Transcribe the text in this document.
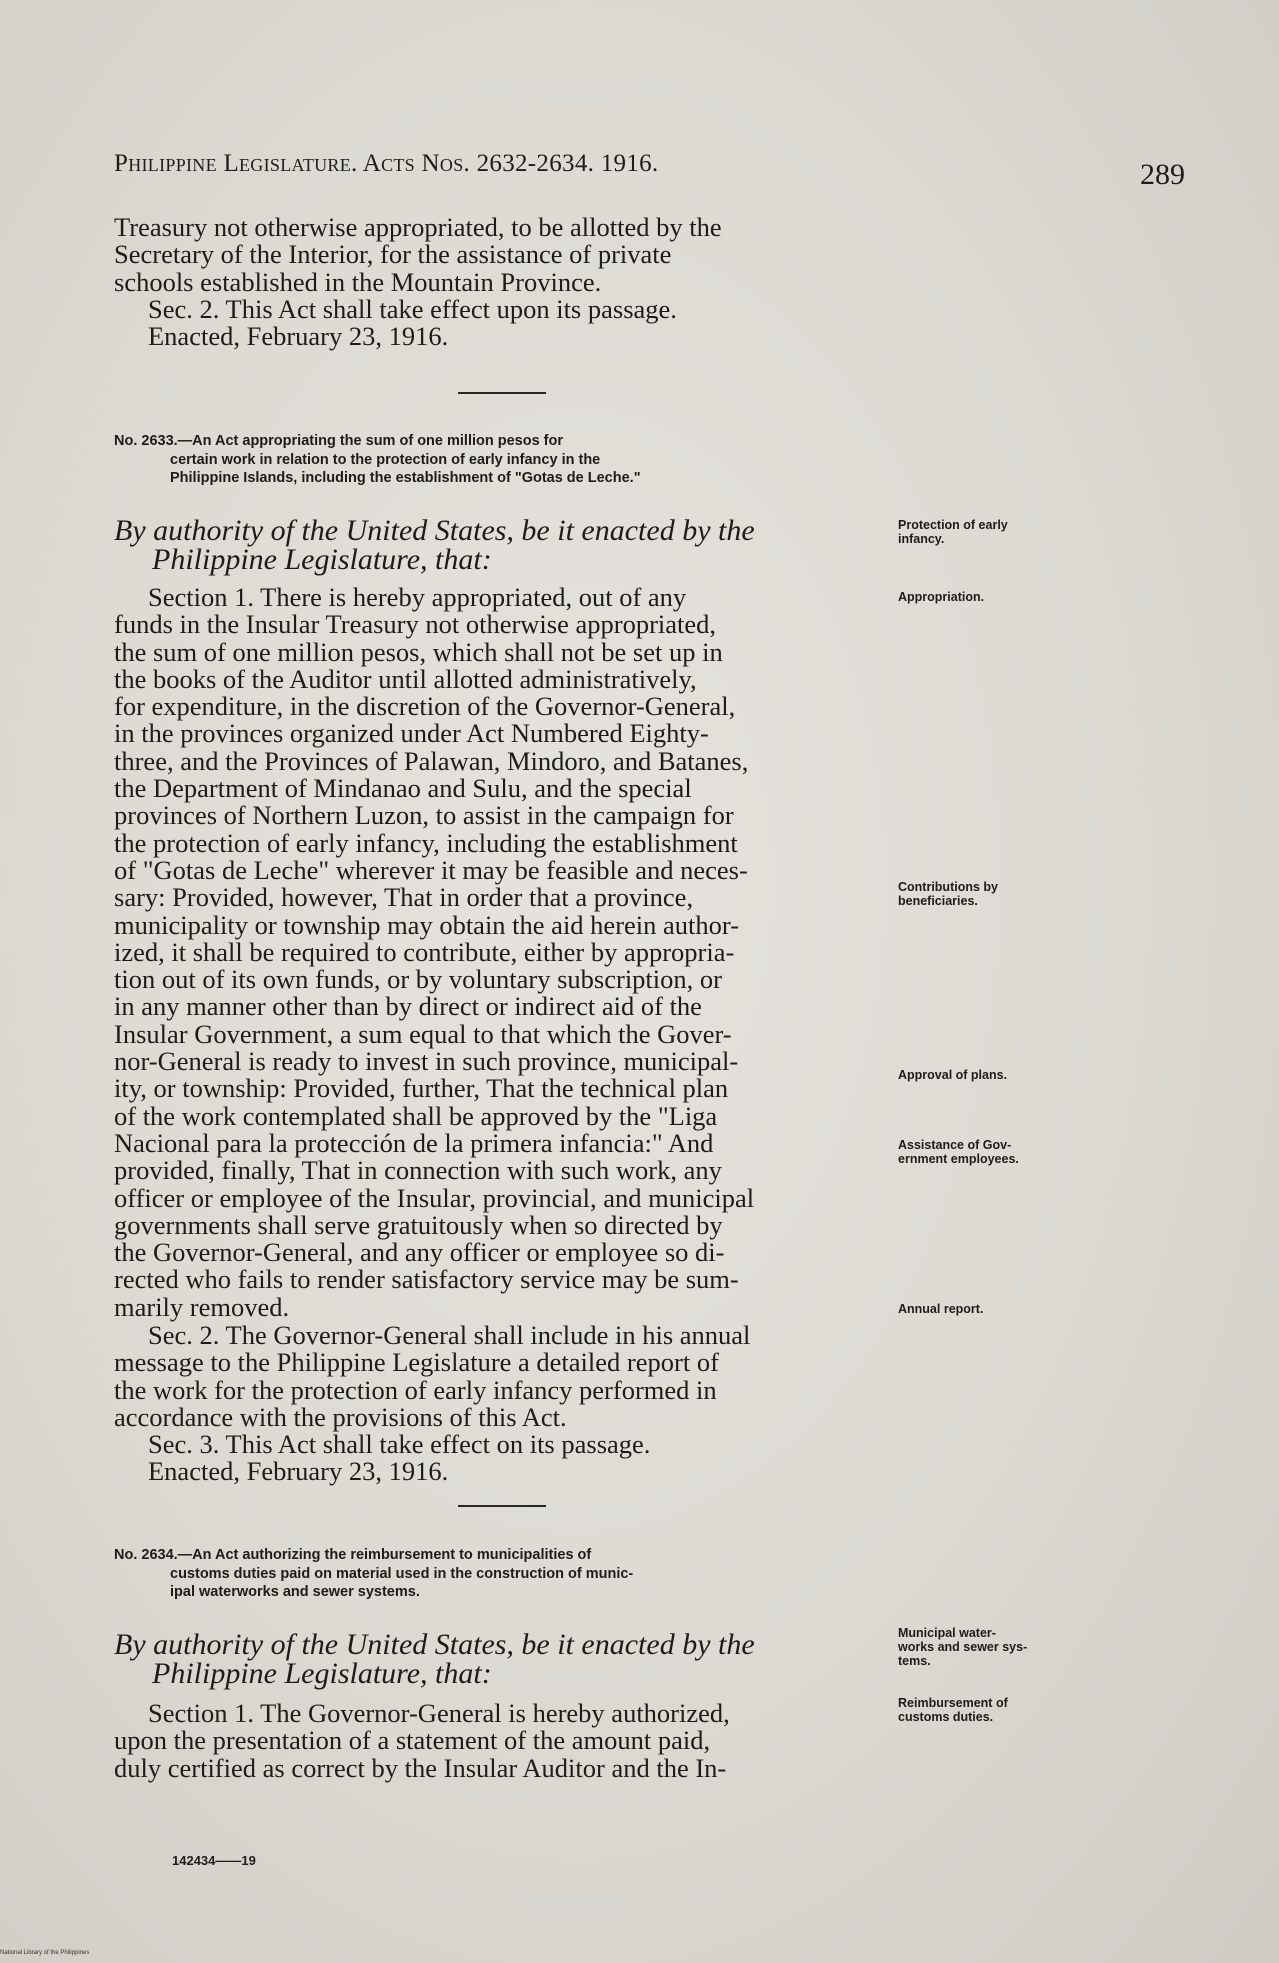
Philippine Legislature. Acts Nos. 2632-2634. 1916.	289

Treasury not otherwise appropriated, to be allotted by the

Secretary of the Interior, for the assistance of private

schools established in the Mountain Province.

Sec. 2. This Act shall take effect upon its passage.

Enacted, February 23, 1916.

No. 2633.—An Act appropriating the sum of one million pesos for
certain work in relation to the protection of early infancy in the
Philippine Islands, including the establishment of "Gotas de Leche."
By authority of the United States, be it enacted by the
Philippine Legislature, that:

Section 1. There is hereby appropriated, out of any

funds in the Insular Treasury not otherwise appropriated,

the sum of one million pesos, which shall not be set up in

the books of the Auditor until allotted administratively,

for expenditure, in the discretion of the Governor-General,

in the provinces organized under Act Numbered Eighty-

three, and the Provinces of Palawan, Mindoro, and Batanes,

the Department of Mindanao and Sulu, and the special

provinces of Northern Luzon, to assist in the campaign for

the protection of early infancy, including the establishment

of "Gotas de Leche" wherever it may be feasible and neces-

sary: Provided, however, That in order that a province,

municipality or township may obtain the aid herein author-

ized, it shall be required to contribute, either by appropria-

tion out of its own funds, or by voluntary subscription, or

in any manner other than by direct or indirect aid of the

Insular Government, a sum equal to that which the Gover-

nor-General is ready to invest in such province, municipal-

ity, or township: Provided, further, That the technical plan

of the work contemplated shall be approved by the "Liga

Nacional para la protección de la primera infancia:" And

provided, finally, That in connection with such work, any

officer or employee of the Insular, provincial, and municipal

governments shall serve gratuitously when so directed by

the Governor-General, and any officer or employee so di-

rected who fails to render satisfactory service may be sum-

marily removed.

Sec. 2. The Governor-General shall include in his annual

message to the Philippine Legislature a detailed report of

the work for the protection of early infancy performed in

accordance with the provisions of this Act.

Sec. 3. This Act shall take effect on its passage.

Enacted, February 23, 1916.

No. 2634.—An Act authorizing the reimbursement to municipalities of
customs duties paid on material used in the construction of munic-
ipal waterworks and sewer systems.
By authority of the United States, be it enacted by the
Philippine Legislature, that:

Section 1. The Governor-General is hereby authorized,

upon the presentation of a statement of the amount paid,

duly certified as correct by the Insular Auditor and the In-

Protection of early
infancy.
Appropriation.
Contributions by
beneficiaries.
Approval of plans.
Assistance of Gov-
ernment employees.
Annual report.
Municipal water-
works and sewer sys-
tems.
Reimbursement of
customs duties.
142434——19
National Library of the Philippines
